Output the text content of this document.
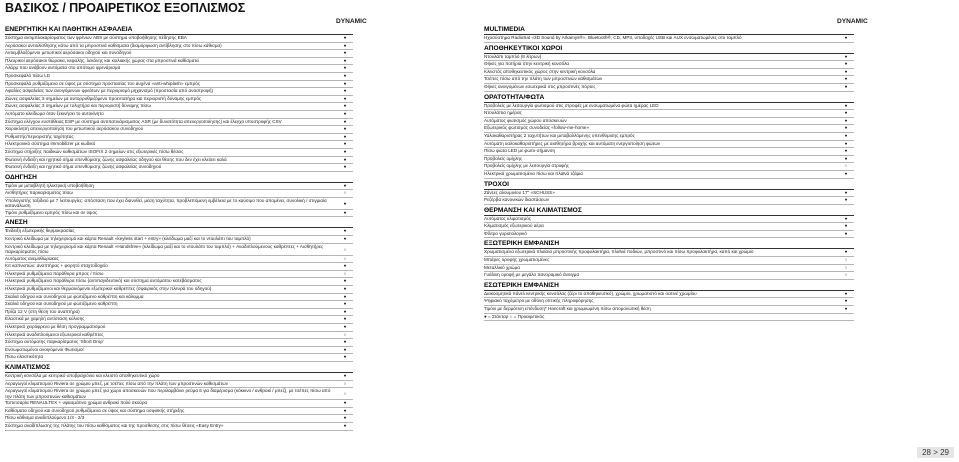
ΒΑΣΙΚΟΣ / ΠΡΟΑΙΡΕΤΙΚΟΣ ΕΞΟΠΛΙΣΜΟΣ
DYNAMIC
ΕΝΕΡΓΗΤΙΚΗ ΚΑΙ ΠΑΘΗΤΙΚΗ ΑΣΦΑΛΕΙΑ
Σύστημα αντιμπλοκαρίσματος των φρένων ABS με σύστημα υποβοήθησης πέδησης EBA
●
Αερόσακοι αντιολίσθησης κάτω από τα μπροστινά καθίσματα (διαμόρφωση αντίβλησης στο πίσω κάθισμα)
●
Αντιεμβλοξόμενοι μετωπικοί αερόσακοι οδηγού και συνοδηγού
●
Πλευρικοί αερόσακοι θώρακα, κεφαλής, λεκάνης και κοιλιακής χώρας στα μπροστινά καθίσματα
●
Αλάρμ που ανάβουν αυτόματα στο απότομο φρενάρισμα
●
Προσκεφαλό πίσω LD
●
Προσκεφαλά ρυθμιζόμενα σε ύψος με σύστημα προστασίας του αυχένα «anti-whiplash» εμπρός
●
Αφαλίες ασφαλείας των ανοιγόμενων φρεάτων με περιορισμό μηχανισμό (προστασία από αναστροφή)
●
Ζώνες ασφαλείας 3 σημείων με αυτορρυθμιζόμενο προεντατήρα και περιοριστή δύναμης εμπρός
●
Ζώνες ασφαλείας 3 σημείων με τυλιχτήρα και περιοριστή δύναμης πίσω
●
Αυτόματο κλείδωμα όταν ξεκινήσει το αυτοκίνητο
●
Σύστημα ελέγχου ευστάθειας ESP με σύστημα αντιπατινάρισματος ASR (με δυνατότητα απενεργοποίησης) και έλεγχο υποστροφής CSV
●
Χειροκίνητη απενεργοποίηση του μετωπικού αερόσακου συνοδηγού
●
Ρυθμιστής/περιοριστής ταχύτητας
●
Ηλεκτρονικό σύστημα immobilizer με κωδικό
●
Σύστημα στήριξης παιδικών καθισμάτων ISOFIX 2 σημείων στις εξωτερικές πίσω θέσεις
●
Φωτεινή ένδειξη και ηχητικό σήμα υπενθύμισης ζώνης ασφαλείας οδηγού και θέσης που δεν έχει κλείσει καλά
●
Φωτεινή ένδειξη και ηχητικό σήμα υπενθύμισης ζώνης ασφαλείας συνοδηγού
●
ΟΔΗΓΗΣΗ
Τιμόνι με μεταβλητή ηλεκτρική υποβοήθηση
●
Αισθητήρες παρκαρίσματος πίσω
○
Υπολογιστής ταξιδιού με 7 λειτουργίες: απόσταση που έχει διανυθεί, μέση ταχύτητα, προβλεπόμενη εμβέλεια με το καύσιμο που απομένει, συνολική / στιγμιαία κατανάλωση
●
Τιμόνι ρυθμιζόμενο εμπρός πίσω και σε ύψος
●
ΑΝΕΣΗ
Ένδειξη εξωτερικής θερμοκρασίας
●
Κεντρικό κλείδωμα με τηλεχειρισμό και κάρτα Renault «keyless start + entry» (κλείδωμα μαζί και το ντουλάπι του ταμπλό)
●
Κεντρικό κλείδωμα με τηλεχειρισμό και κάρτα Renault «Handsfree» (κλείδωμα μαζί και το ντουλάπι του ταμπλό) + Αναδιπλούμενους καθρέπτες + Αισθητήρες παρκαρίσματος πίσω
○
Αυτόματος ανεμοθώρακας
○
Κιτ καπνιστών: αναπτήρας + φορητό σταχτοδοχείο
●
Ηλεκτρικά ρυθμιζόμενα παράθυρα μπρος / πίσω
○
Ηλεκτρικά ρυθμιζόμενα παράθυρα πίσω (αντιπαγιδευτικό) και σύστημα αυτόματου κατεβάσματος
●
Ηλεκτρικά ρυθμιζόμενοι και θερμαινόμενοι εξωτερικοί καθρέπτες (σφαιρικός στην πλευρά του οδηγού)
●
Σκαλιά οδηγού και συνοδηγού με φωτιζόμενο καθρέπτη και κάλυμμα
●
Σκαλιά οδηγού και συνοδηγού με φωτιζόμενο καθρέπτη
●
Πρίζα 12 V (στη θέση του αναπτήρα)
●
Ελαστικά με χαμηλή αντίσταση κύλισης
●
Ηλεκτρικό χειρόφρενο με θέση προγραμματισμού
●
Ηλεκτρικά αναδιπλούμενοι εξωτερικοί καθρέπτες
○
Σύστημα αυτόματης παρκαρίσματος ‘Short Drop’
●
Ενσωματωμένοι ανοιγόμενοι Φωτισμοί
●
Πίσω ελαστικότητα
●
ΚΛΙΜΑΤΙΣΜΟΣ
Κεντρική κονσόλα με κεντρικό υποβραχιόνιο και κλειστό αποθηκευτικό χώρο
●
Αεραγωγοί κλιματισμού Riviera σε χρώμιο μπεζ, με τσέπες πίσω από την πλάτη των μπροστινών καθισμάτων
○
Αεραγωγοί κλιματισμού Riviera σε χρώμιο μπεζ για χώρο αποσκευών που περιλαμβάνει ρεύμα 6 για διαμέρισμα (κόκκινο / ανθρακί / μπεζ), με τσέπες πίσω από την πλάτη των μπροστινών καθισμάτων
○
Ταπετσαρία RENAULTEX + υφασμάτινο χρώμα ανθρακί πολύ σκούρο
●
Καθίσματα οδηγού και συνοδηγού ρυθμιζόμενα σε ύψος και σύστημα οσφυϊκής στήριξης
●
Πίσω κάθισμα αναδιπλούμενο 1/3 - 2/3
●
Σύστημα αναδίπλωσης της πλάτης του πίσω καθίσματος και της προσθεσης στις πίσω θέσεις «Easy Entry»
●
DYNAMIC
MULTIMEDIA
Ηχοσύστημα RadioSat «3D Sound by Arkamys®», Bluetooth®, CD, MP3, υποδοχές USB και AUX ενσωματωμένες στο ταμπλό
●
ΑΠΟΘΗΚΕΥΤΙΚΟΙ ΧΩΡΟΙ
Ντουλάπι ταμπλό (8 λίτρων)
●
Θήκες για ποτήρια στην κεντρική κονσόλα
●
Κλειστός αποθηκευτικός χώρος στην κεντρική κονσόλα
●
Τσέπες πίσω από την πλάτη των μπροστινών καθισμάτων
●
Θήκες ανοιγομένων εσωτερικά στις μπροστινές πόρτες
●
ΟΡΑΤΟΤΗΤΑ/ΦΩΤΑ
Προβολείς με λειτουργία φωτισμού στις στροφές με ενσωματωμένα φώτα ημέρας LED
●
Ντουλάπια ημέρας
●
Αυτόματος φωτισμός χώρου αποσκευών
●
Εξωτερικός φωτισμός συνοδείας «follow-me-home»
●
Υαλοκαθαριστήρας 2 ταχυτήτων και μεταβαλλόμενης υπενθύμισης εμπρός
●
Αυτόματη υαλοκαθαριστήρες με αισθητήρα βροχής και αυτόματη ενεργοποίηση φώτων
●
Πίσω φώτα LED με φωτο-σήμανση
●
Προβολείς ομίχλης
●
Προβολείς ομίχλης με λειτουργία στροφής
○
Ηλεκτρικά χρωματισμένα πίσω και πλαϊνά τζάμια
●
ΤΡΟΧΟΙ
Ζάντες αλουμινίου 17'' «SCHUSS»
●
Ρεζέρβα κανονικών διαστάσεων
●
ΘΕΡΜΑΝΣΗ ΚΑΙ ΚΛΙΜΑΤΙΣΜΟΣ
Αυτόματος κλιματισμός
●
Κλιματισμός εξωτερικού αέρα
●
Φίλτρο γυρισιολογικό
●
ΕΞΩΤΕΡΙΚΗ ΕΜΦΑΝΙΣΗ
Χρωματισμένα εξωτερικά πλαίσια μπροστινής προφυλακτήρα, πλαϊνά ποδιών, μπροστινό και πίσω προφυλακτήρα, καπό και χρώμιο
●
Μπάρες οροφής χρωματισμένες
○
Μεταλλικό χρώμα
○
Γυάλινη οροφή με μεγάλο πανοραμικό άνοιγμα
○
ΕΣΩΤΕΡΙΚΗ ΕΜΦΑΝΙΣΗ
Διακοσμητικά πάνελ κεντρικής κονσόλας (ζέρι το αποθηκευτικό), χρώμιο, χρωματιστό και σατινέ χρωμίου
●
Ψηφιακό ταχύμετρο με οθόνη οπτικής πληροφόρησης
●
Τιμόνι με δερμάτινη επένδυση* Hancraft και χρωμιωμένη πίσω απομονωτική θέση
●
● = Στάνταρ ○ = Προαιρετικός
28 > 29
